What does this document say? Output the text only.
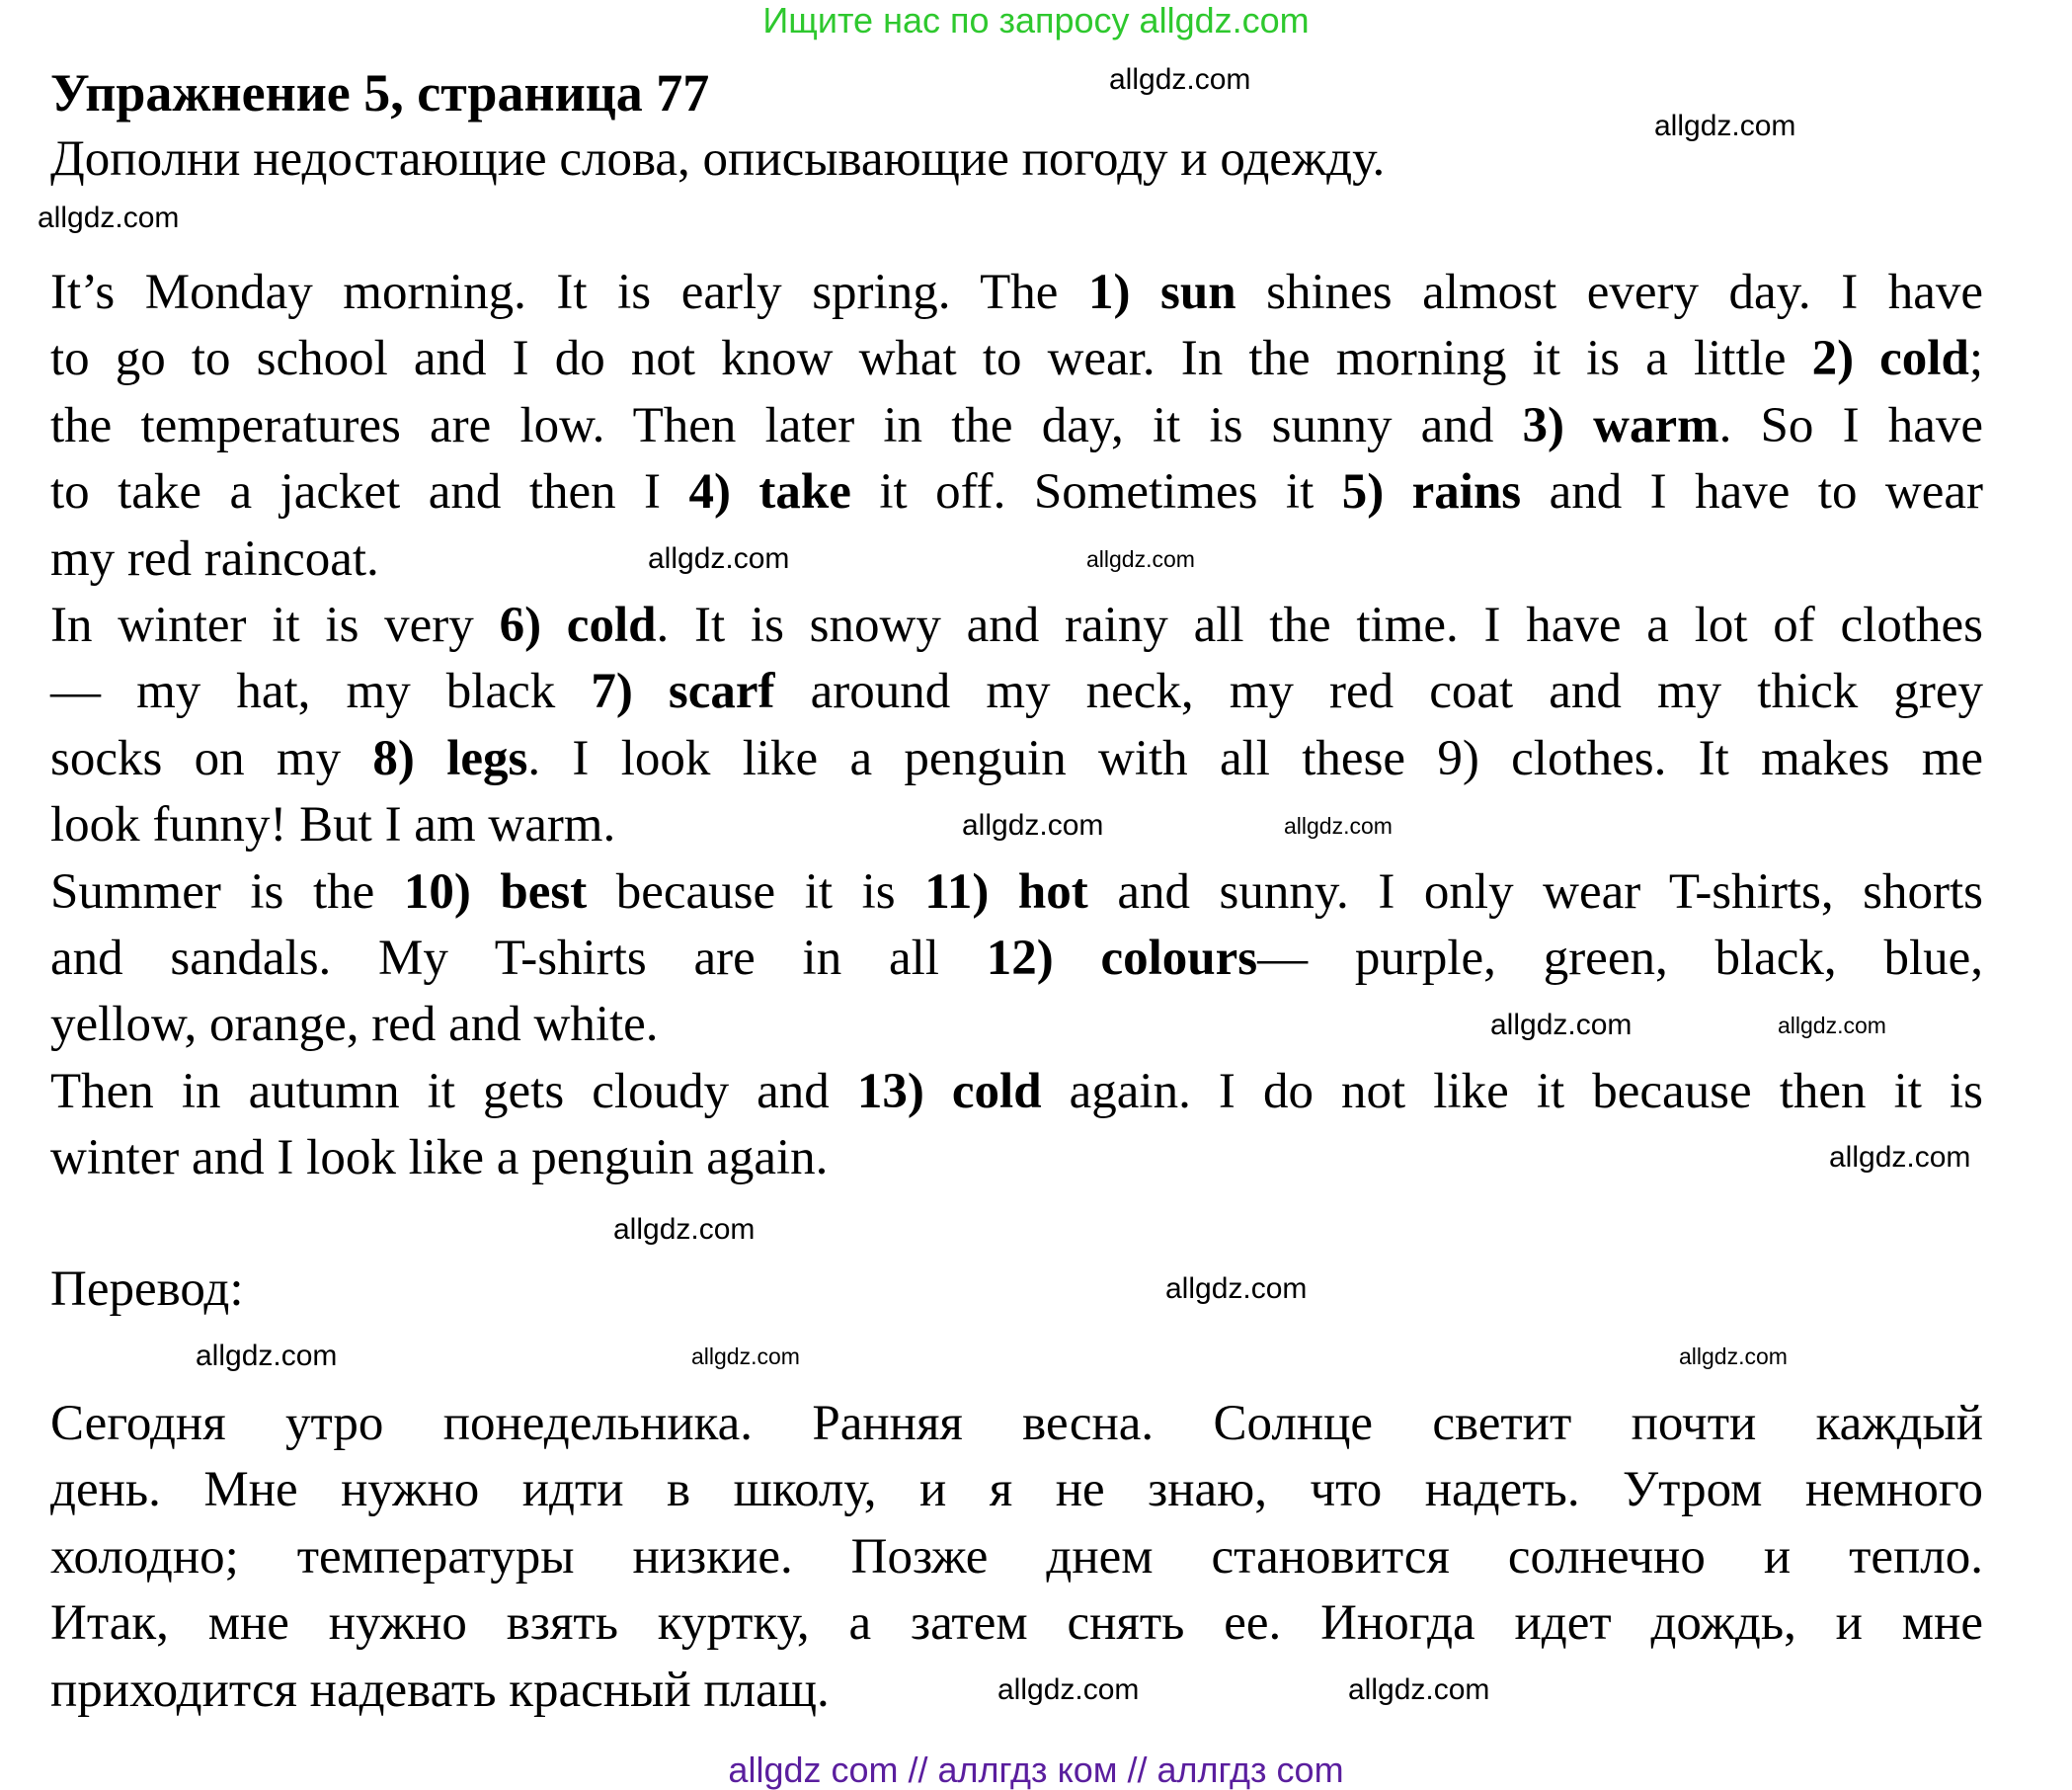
Ищите нас по запросу allgdz.com
Упражнение 5, страница 77
Дополни недостающие слова, описывающие погоду и одежду.
It’s Monday morning. It is early spring. The 1) sun shines almost every day. I have
to go to school and I do not know what to wear. In the morning it is a little 2) cold;
the temperatures are low. Then later in the day, it is sunny and 3) warm. So I have
to take a jacket and then I 4) take it off. Sometimes it 5) rains and I have to wear
my red raincoat.
In winter it is very 6) cold. It is snowy and rainy all the time. I have a lot of clothes
— my hat, my black 7) scarf around my neck, my red coat and my thick grey
socks on my 8) legs. I look like a penguin with all these 9) clothes. It makes me
look funny! But I am warm.
Summer is the 10) best because it is 11) hot and sunny. I only wear T-shirts, shorts
and sandals. My T-shirts are in all 12) colours— purple, green, black, blue,
yellow, orange, red and white.
Then in autumn it gets cloudy and 13) cold again. I do not like it because then it is
winter and I look like a penguin again.
Перевод:
Сегодня утро понедельника. Ранняя весна. Солнце светит почти каждый
день. Мне нужно идти в школу, и я не знаю, что надеть. Утром немного
холодно; температуры низкие. Позже днем становится солнечно и тепло.
Итак, мне нужно взять куртку, а затем снять ее. Иногда идет дождь, и мне
приходится надевать красный плащ.
allgdz.com
allgdz.com
allgdz.com
allgdz.com
allgdz.com
allgdz.com
allgdz.com
allgdz.com
allgdz.com
allgdz.com
allgdz.com
allgdz.com
allgdz.com	allgdz.com
allgdz.com
allgdz.com	allgdz.com
allgdz com // аллгдз ком // аллгдз com
